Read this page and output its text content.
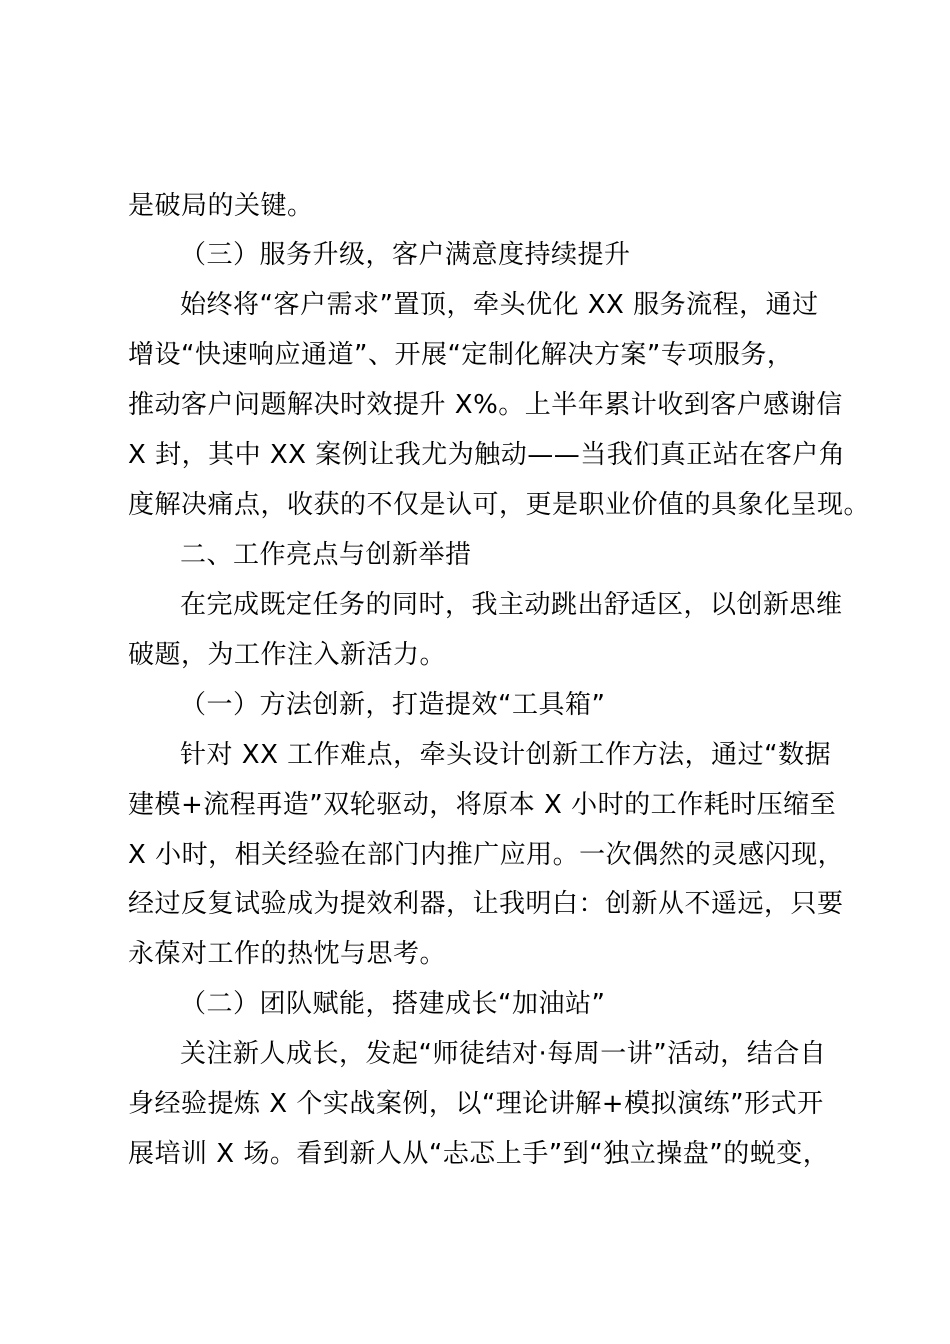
是破局的关键。
（三）服务升级，客户满意度持续提升
始终将“客户需求”置顶，牵头优化 XX 服务流程，通过
增设“快速响应通道”、开展“定制化解决方案”专项服务，
推动客户问题解决时效提升 X%。上半年累计收到客户感谢信
X 封，其中 XX 案例让我尤为触动——当我们真正站在客户角
度解决痛点，收获的不仅是认可，更是职业价值的具象化呈现。
二、工作亮点与创新举措
在完成既定任务的同时，我主动跳出舒适区，以创新思维
破题，为工作注入新活力。
（一）方法创新，打造提效“工具箱”
针对 XX 工作难点，牵头设计创新工作方法，通过“数据
建模+流程再造”双轮驱动，将原本 X 小时的工作耗时压缩至
X 小时，相关经验在部门内推广应用。一次偶然的灵感闪现，
经过反复试验成为提效利器，让我明白：创新从不遥远，只要
永葆对工作的热忱与思考。
（二）团队赋能，搭建成长“加油站”
关注新人成长，发起“师徒结对·每周一讲”活动，结合自
身经验提炼 X 个实战案例，以“理论讲解+模拟演练”形式开
展培训 X 场。看到新人从“忐忑上手”到“独立操盘”的蜕变，
